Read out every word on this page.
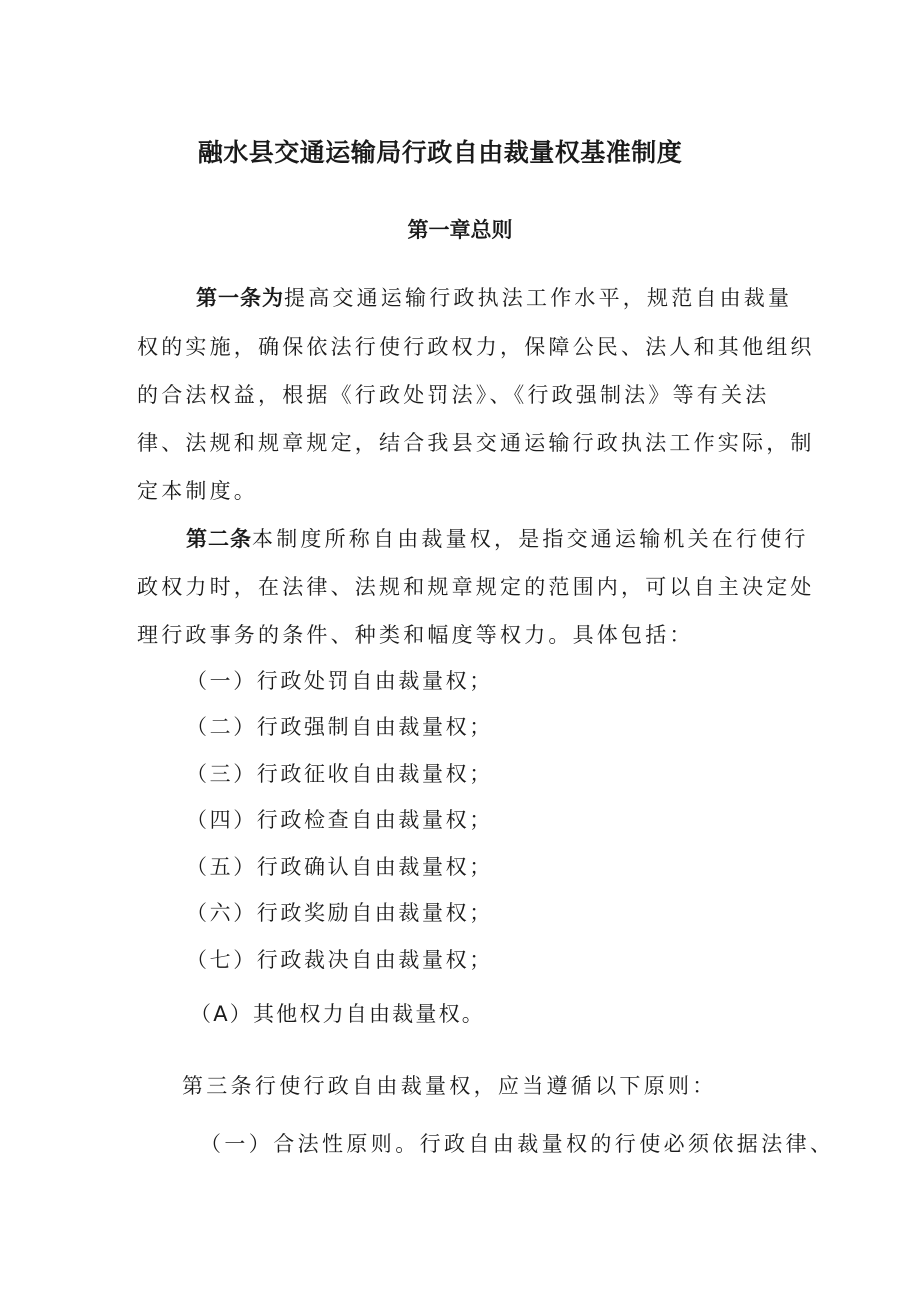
融水县交通运输局行政自由裁量权基准制度
第一章总则
第一条为提高交通运输行政执法工作水平，规范自由裁量
权的实施，确保依法行使行政权力，保障公民、法人和其他组织
的合法权益，根据《行政处罚法》、《行政强制法》等有关法
律、法规和规章规定，结合我县交通运输行政执法工作实际，制
定本制度。
第二条本制度所称自由裁量权，是指交通运输机关在行使行
政权力时，在法律、法规和规章规定的范围内，可以自主决定处
理行政事务的条件、种类和幅度等权力。具体包括：
（一）行政处罚自由裁量权；
（二）行政强制自由裁量权；
（三）行政征收自由裁量权；
（四）行政检查自由裁量权；
（五）行政确认自由裁量权；
（六）行政奖励自由裁量权；
（七）行政裁决自由裁量权；
（A）其他权力自由裁量权。
第三条行使行政自由裁量权，应当遵循以下原则：
（一）合法性原则。行政自由裁量权的行使必须依据法律、
